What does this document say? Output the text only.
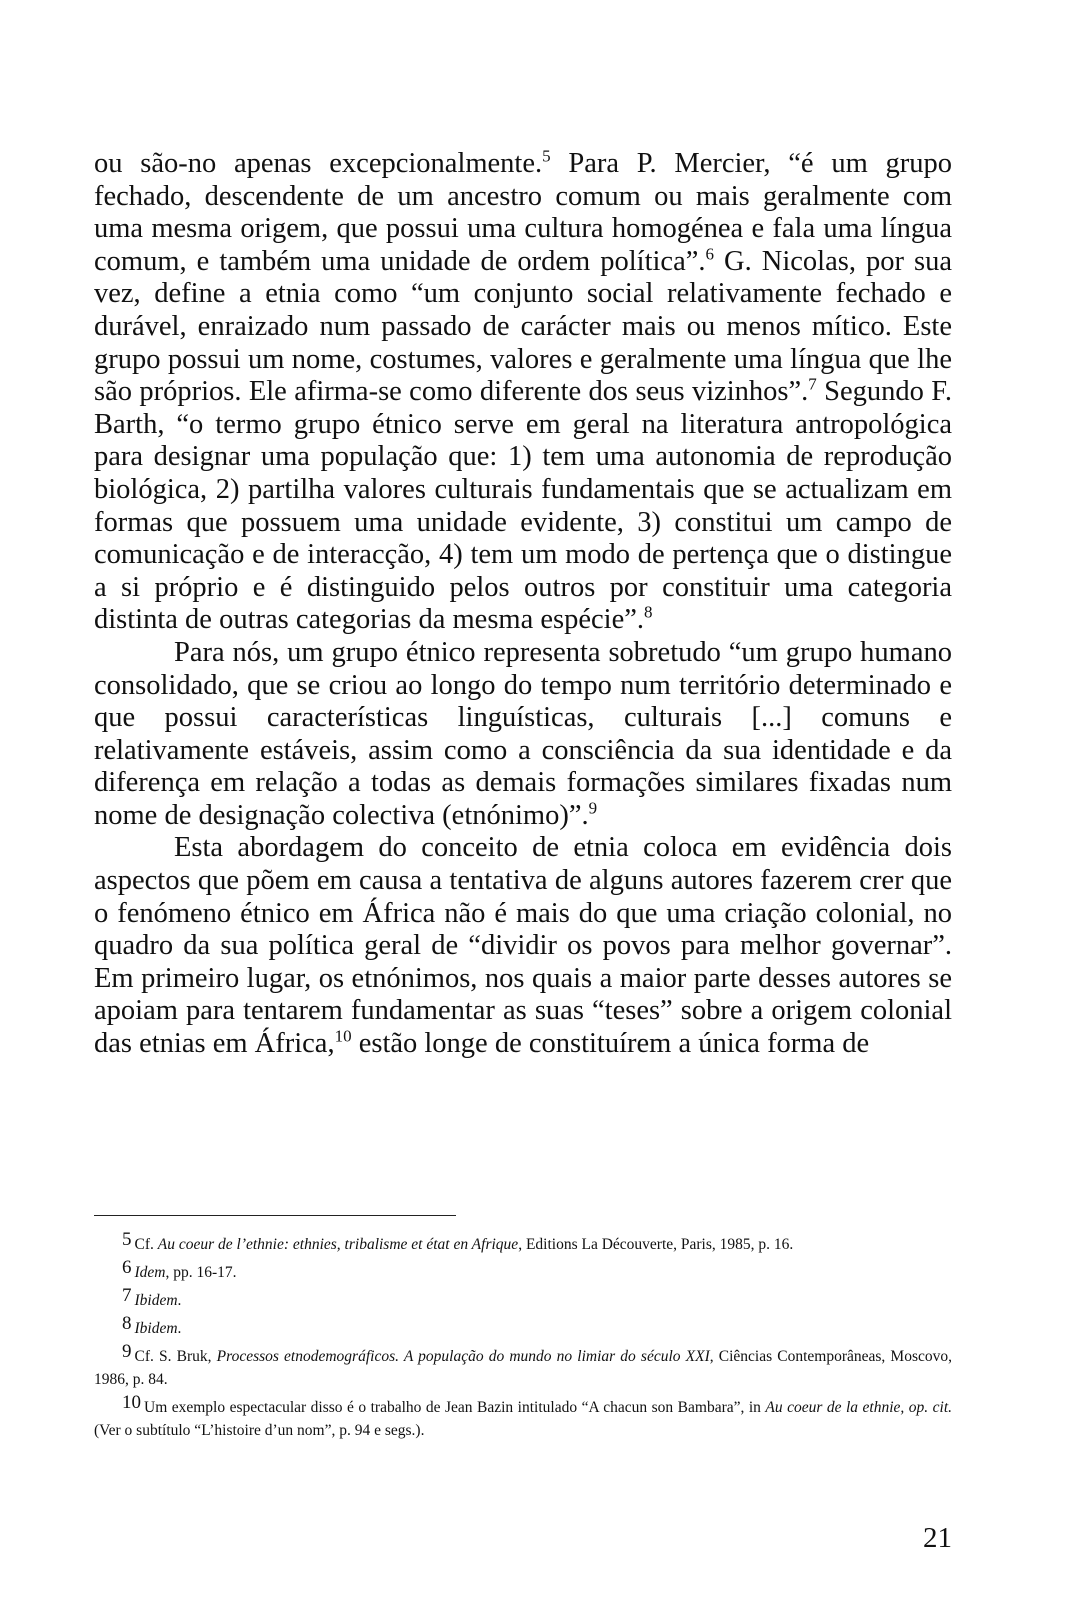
ou são-no apenas excepcionalmente.$^5$ Para P. Mercier, “é um grupo fechado, descendente de um ancestro comum ou mais geralmente com uma mesma origem, que possui uma cultura homogénea e fala uma língua comum, e também uma unidade de ordem política”.$^6$ G. Nicolas, por sua vez, define a etnia como “um conjunto social relativamente fechado e durável, enraizado num passado de carácter mais ou menos mítico. Este grupo possui um nome, costumes, valores e geralmente uma língua que lhe são próprios. Ele afirma-se como diferente dos seus vizinhos”.$^7$ Segundo F. Barth, “o termo grupo étnico serve em geral na literatura antropológica para designar uma população que: 1) tem uma autonomia de reprodução biológica, 2) partilha valores culturais fundamentais que se actualizam em formas que possuem uma unidade evidente, 3) constitui um campo de comunicação e de interacção, 4) tem um modo de pertença que o distingue a si próprio e é distinguido pelos outros por constituir uma categoria distinta de outras categorias da mesma espécie”.$^8$

Para nós, um grupo étnico representa sobretudo “um grupo humano consolidado, que se criou ao longo do tempo num território determinado e que possui características linguísticas, culturais [...] comuns e relativamente estáveis, assim como a consciência da sua identidade e da diferença em relação a todas as demais formações similares fixadas num nome de designação colectiva (etnónimo)”.$^9$

Esta abordagem do conceito de etnia coloca em evidência dois aspectos que põem em causa a tentativa de alguns autores fazerem crer que o fenómeno étnico em África não é mais do que uma criação colonial, no quadro da sua política geral de “dividir os povos para melhor governar”. Em primeiro lugar, os etnónimos, nos quais a maior parte desses autores se apoiam para tentarem fundamentar as suas “teses” sobre a origem colonial das etnias em África,$^{10}$ estão longe de constituírem a única forma de

5 Cf. Au coeur de l’ethnie: ethnies, tribalisme et état en Afrique, Editions La Découverte, Paris, 1985, p. 16.

6 Idem, pp. 16-17.

7 Ibidem.

8 Ibidem.

9 Cf. S. Bruk, Processos etnodemográficos. A população do mundo no limiar do século XXI, Ciências Contemporâneas, Moscovo, 1986, p. 84.

10 Um exemplo espectacular disso é o trabalho de Jean Bazin intitulado “A chacun son Bambara”, in Au coeur de la ethnie, op. cit. (Ver o subtítulo “L’histoire d’un nom”, p. 94 e segs.).

21
